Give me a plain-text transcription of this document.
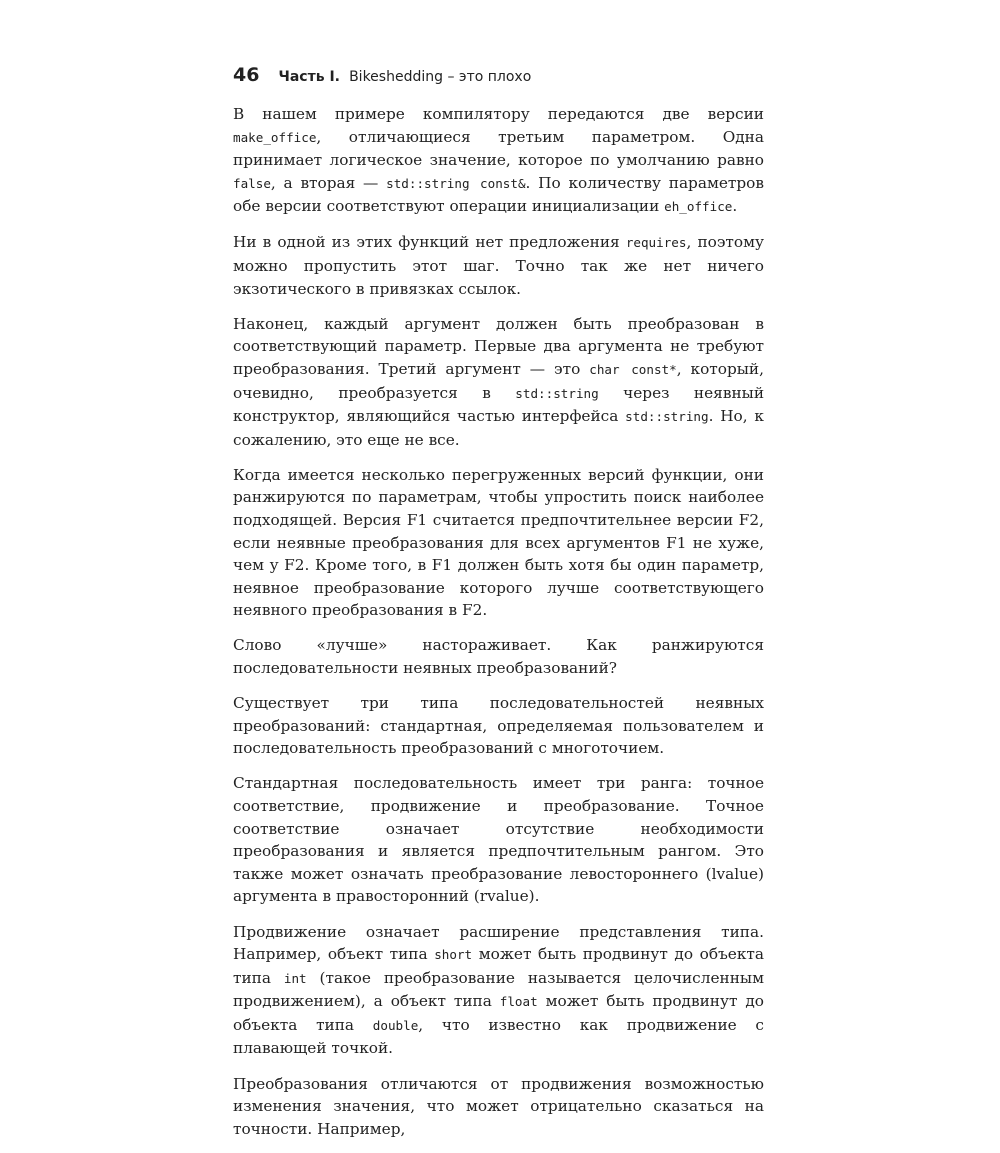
46 Часть I. Bikeshedding – это плохо

В нашем примере компилятору передаются две версии make_office, отличающиеся третьим параметром. Одна принимает логическое значение, которое по умолчанию равно false, а вторая — std::string const&. По количеству параметров обе версии соответствуют операции инициализации eh_office.

Ни в одной из этих функций нет предложения requires, поэтому можно пропустить этот шаг. Точно так же нет ничего экзотического в привязках ссылок.

Наконец, каждый аргумент должен быть преобразован в соответствующий параметр. Первые два аргумента не требуют преобразования. Третий аргумент — это char const*, который, очевидно, преобразуется в std::string через неявный конструктор, являющийся частью интерфейса std::string. Но, к сожалению, это еще не все.

Когда имеется несколько перегруженных версий функции, они ранжируются по параметрам, чтобы упростить поиск наиболее подходящей. Версия F1 считается предпочтительнее версии F2, если неявные преобразования для всех аргументов F1 не хуже, чем у F2. Кроме того, в F1 должен быть хотя бы один параметр, неявное преобразование которого лучше соответствующего неявного преобразования в F2.

Слово «лучше» настораживает. Как ранжируются последовательности неявных преобразований?

Существует три типа последовательностей неявных преобразований: стандартная, определяемая пользователем и последовательность преобразований с многоточием.

Стандартная последовательность имеет три ранга: точное соответствие, продвижение и преобразование. Точное соответствие означает отсутствие необходимости преобразования и является предпочтительным рангом. Это также может означать преобразование левостороннего (lvalue) аргумента в правосторонний (rvalue).

Продвижение означает расширение представления типа. Например, объект типа short может быть продвинут до объекта типа int (такое преобразование называется целочисленным продвижением), а объект типа float может быть продвинут до объекта типа double, что известно как продвижение с плавающей точкой.

Преобразования отличаются от продвижения возможностью изменения значения, что может отрицательно сказаться на точности. Например,
